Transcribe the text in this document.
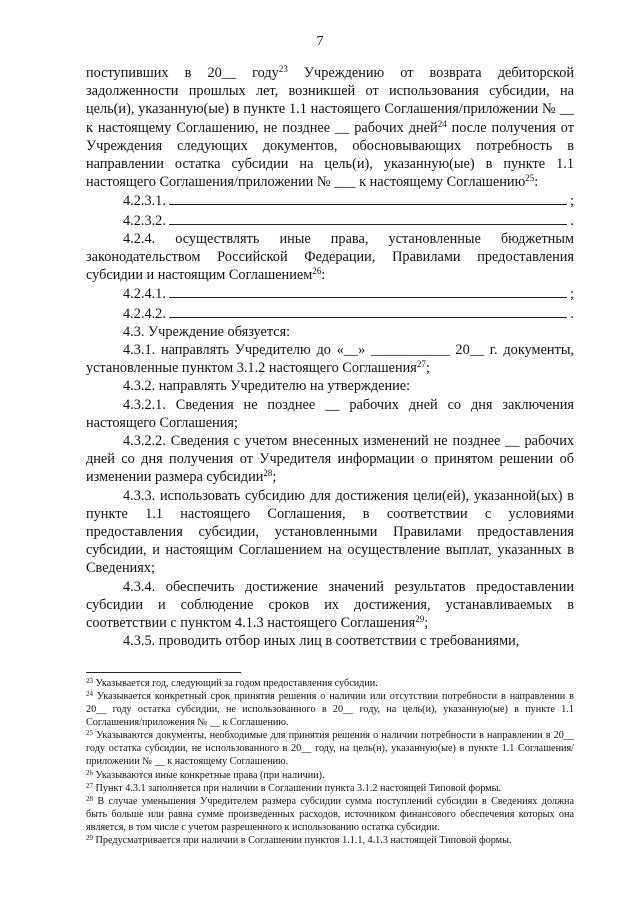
7

поступивших в 20__ году$^{23}$ Учреждению от возврата дебиторской задолженности прошлых лет, возникшей от использования субсидии, на цель(и), указанную(ые) в пункте 1.1 настоящего Соглашения/приложении № __ к настоящему Соглашению, не позднее __ рабочих дней$^{24}$ после получения от Учреждения следующих документов, обосновывающих потребность в направлении остатка субсидии на цель(и), указанную(ые) в пункте 1.1 настоящего Соглашения/приложении № ___ к настоящему Соглашению$^{25}$:

4.2.3.1.	;
4.2.3.2.	.

4.2.4. осуществлять иные права, установленные бюджетным законодательством Российской Федерации, Правилами предоставления субсидии и настоящим Соглашением$^{26}$:

4.2.4.1.	;
4.2.4.2.	.

4.3. Учреждение обязуется:

4.3.1. направлять Учредителю до «__» ___________ 20__ г. документы, установленные пунктом 3.1.2 настоящего Соглашения$^{27}$;

4.3.2. направлять Учредителю на утверждение:

4.3.2.1. Сведения не позднее __ рабочих дней со дня заключения настоящего Соглашения;

4.3.2.2. Сведения с учетом внесенных изменений не позднее __ рабочих дней со дня получения от Учредителя информации о принятом решении об изменении размера субсидии$^{28}$;

4.3.3. использовать субсидию для достижения цели(ей), указанной(ых) в пункте 1.1 настоящего Соглашения, в соответствии с условиями предоставления субсидии, установленными Правилами предоставления субсидии, и настоящим Соглашением на осуществление выплат, указанных в Сведениях;

4.3.4. обеспечить достижение значений результатов предоставлении субсидии и соблюдение сроков их достижения, устанавливаемых в соответствии с пунктом 4.1.3 настоящего Соглашения$^{29}$;

4.3.5. проводить отбор иных лиц в соответствии с требованиями,

$^{23}$ Указывается год, следующий за годом предоставления субсидии.

$^{24}$ Указывается конкретный срок принятия решения о наличии или отсутствии потребности в направлении в 20__ году остатка субсидии, не использованного в 20__ году, на цель(и), указанную(ые) в пункте 1.1 Соглашения/приложения № __ к Соглашению.

$^{25}$ Указываются документы, необходимые для принятия решения о наличии потребности в направлении в 20__ году остатка субсидии, не использованного в 20__ году, на цель(н), указанную(ые) в пункте 1.1 Соглашения/приложении № __ к настоящему Соглашению.

$^{26}$ Указываются иные конкретные права (при наличии).

$^{27}$ Пункт 4.3.1 заполняется при наличии в Соглашении пункта 3.1.2 настоящей Типовой формы.

$^{28}$ В случае уменьшения Учредителем размера субсидии сумма поступлений субсидии в Сведениях должна быть больше или равна сумме произведенных расходов, источником финансового обеспечения которых она является, в том числе с учетом разрешенного к использованию остатка субсидии.

$^{29}$ Предусматривается при наличии в Соглашении пунктов 1.1.1, 4.1.3 настоящей Типовой формы.
